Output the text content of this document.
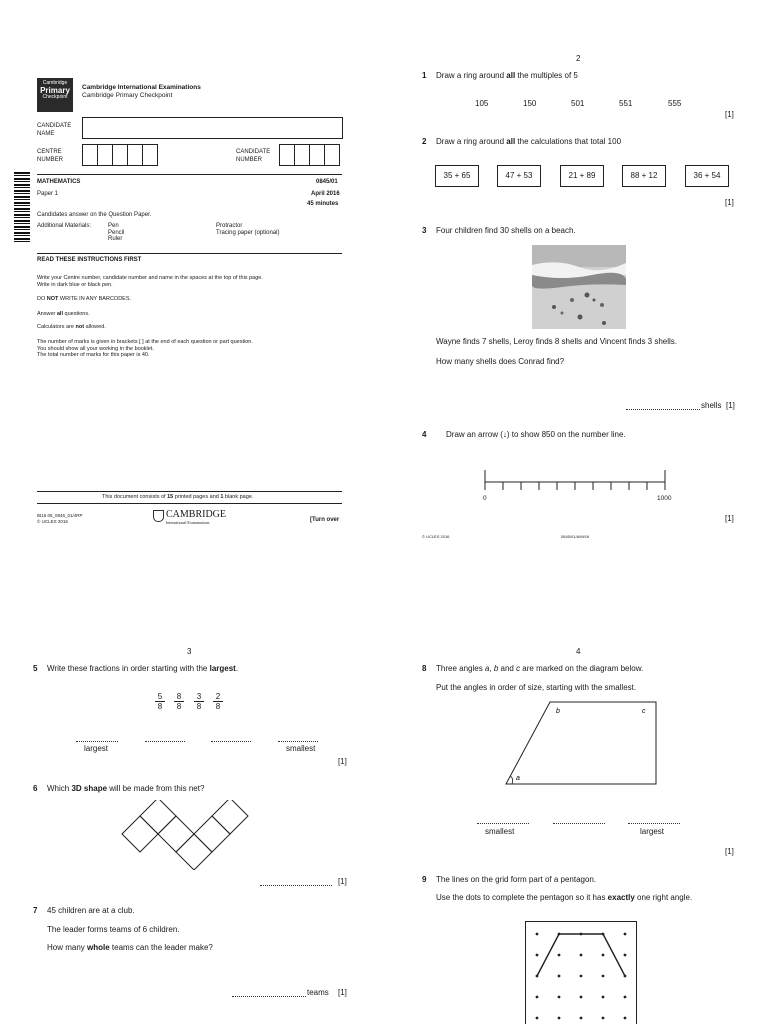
Cambridge
Primary
Checkpoint
Cambridge International Examinations
Cambridge Primary Checkpoint
CANDIDATE
NAME
CENTRE
NUMBER
CANDIDATE
NUMBER
MATHEMATICS	0845/01
Paper 1	April 2016
45 minutes
Candidates answer on the Question Paper.
Additional Materials:	Pen
Pencil
Ruler
Protractor
Tracing paper (optional)
READ THESE INSTRUCTIONS FIRST
Write your Centre number, candidate number and name in the spaces at the top of this page.
Write in dark blue or black pen.
DO NOT WRITE IN ANY BARCODES.
Answer all questions.
Calculators are not allowed.
The number of marks is given in brackets [ ] at the end of each question or part question.
You should show all your working in the booklet.
The total number of marks for this paper is 40.
This document consists of 15 printed pages and 1 blank page.
IB16 05_0845_01/4RP
© UCLES 2016
CAMBRIDGE
International Examinations	[Turn over
2
1 Draw a ring around all the multiples of 5
105	150	501	551	555
[1]
2 Draw a ring around all the calculations that total 100
35 + 65	47 + 53	21 + 89	88 + 12	36 + 54
[1]
3 Four children find 30 shells on a beach.
Wayne finds 7 shells, Leroy finds 8 shells and Vincent finds 3 shells.
How many shells does Conrad find?
shells [1]
4 Draw an arrow (↓) to show 850 on the number line.
0	1000
[1]
© UCLES 2016	0845/01/A/M/16
3
5 Write these fractions in order starting with the largest.
$\frac{5}{8} \frac{8}{8} \frac{3}{8} \frac{2}{8}$
largest	smallest
[1]
6 Which 3D shape will be made from this net?
[1]
7 45 children are at a club.
The leader forms teams of 6 children.
How many whole teams can the leader make?
teams [1]
4
8 Three angles a, b and c are marked on the diagram below.
Put the angles in order of size, starting with the smallest.
b	c
a
smallest	largest
[1]
9 The lines on the grid form part of a pentagon.
Use the dots to complete the pentagon so it has exactly one right angle.
